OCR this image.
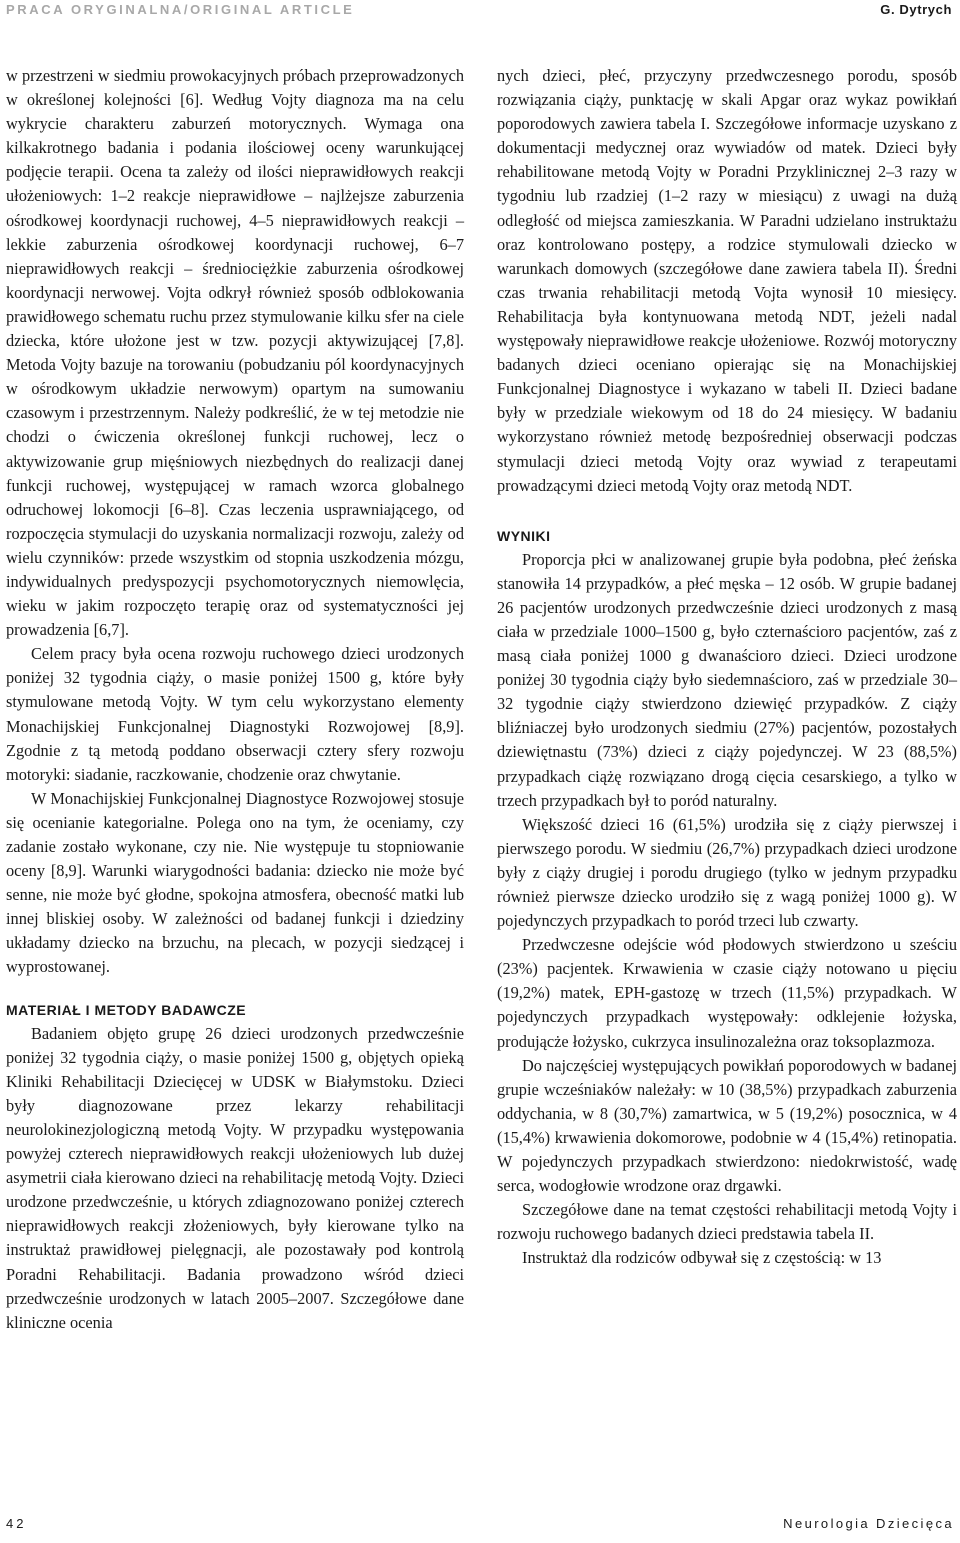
PRACA ORYGINALNA/ORIGINAL ARTICLE	G. Dytrych

w przestrzeni w siedmiu prowokacyjnych próbach przeprowadzonych w określonej kolejności [6]. Według Vojty diagnoza ma na celu wykrycie charakteru zaburzeń motorycznych. Wymaga ona kilkakrotnego badania i podania ilościowej oceny warunkującej podjęcie terapii. Ocena ta zależy od ilości nieprawidłowych reakcji ułożeniowych: 1–2 reakcje nieprawidłowe – najlżejsze zaburzenia ośrodkowej koordynacji ruchowej, 4–5 nieprawidłowych reakcji – lekkie zaburzenia ośrodkowej koordynacji ruchowej, 6–7 nieprawidłowych reakcji – średniociężkie zaburzenia ośrodkowej koordynacji nerwowej. Vojta odkrył również sposób odblokowania prawidłowego schematu ruchu przez stymulowanie kilku sfer na ciele dziecka, które ułożone jest w tzw. pozycji aktywizującej [7,8]. Metoda Vojty bazuje na torowaniu (pobudzaniu pól koordynacyjnych w ośrodkowym układzie nerwowym) opartym na sumowaniu czasowym i przestrzennym. Należy podkreślić, że w tej metodzie nie chodzi o ćwiczenia określonej funkcji ruchowej, lecz o aktywizowanie grup mięśniowych niezbędnych do realizacji danej funkcji ruchowej, występującej w ramach wzorca globalnego odruchowej lokomocji [6–8]. Czas leczenia usprawniającego, od rozpoczęcia stymulacji do uzyskania normalizacji rozwoju, zależy od wielu czynników: przede wszystkim od stopnia uszkodzenia mózgu, indywidualnych predyspozycji psychomotorycznych niemowlęcia, wieku w jakim rozpoczęto terapię oraz od systematyczności jej prowadzenia [6,7].

Celem pracy była ocena rozwoju ruchowego dzieci urodzonych poniżej 32 tygodnia ciąży, o masie poniżej 1500 g, które były stymulowane metodą Vojty. W tym celu wykorzystano elementy Monachijskiej Funkcjonalnej Diagnostyki Rozwojowej [8,9]. Zgodnie z tą metodą poddano obserwacji cztery sfery rozwoju motoryki: siadanie, raczkowanie, chodzenie oraz chwytanie.

W Monachijskiej Funkcjonalnej Diagnostyce Rozwojowej stosuje się ocenianie kategorialne. Polega ono na tym, że oceniamy, czy zadanie zostało wykonane, czy nie. Nie występuje tu stopniowanie oceny [8,9]. Warunki wiarygodności badania: dziecko nie może być senne, nie może być głodne, spokojna atmosfera, obecność matki lub innej bliskiej osoby. W zależności od badanej funkcji i dziedziny układamy dziecko na brzuchu, na plecach, w pozycji siedzącej i wyprostowanej.

MATERIAŁ I METODY BADAWCZE

Badaniem objęto grupę 26 dzieci urodzonych przedwcześnie poniżej 32 tygodnia ciąży, o masie poniżej 1500 g, objętych opieką Kliniki Rehabilitacji Dziecięcej w UDSK w Białymstoku. Dzieci były diagnozowane przez lekarzy rehabilitacji neurolokinezjologiczną metodą Vojty. W przypadku występowania powyżej czterech nieprawidłowych reakcji ułożeniowych lub dużej asymetrii ciała kierowano dzieci na rehabilitację metodą Vojty. Dzieci urodzone przedwcześnie, u których zdiagnozowano poniżej czterech nieprawidłowych reakcji złożeniowych, były kierowane tylko na instruktaż prawidłowej pielęgnacji, ale pozostawały pod kontrolą Poradni Rehabilitacji. Badania prowadzono wśród dzieci przedwcześnie urodzonych w latach 2005–2007. Szczegółowe dane kliniczne ocenia

nych dzieci, płeć, przyczyny przedwczesnego porodu, sposób rozwiązania ciąży, punktację w skali Apgar oraz wykaz powikłań poporodowych zawiera tabela I. Szczegółowe informacje uzyskano z dokumentacji medycznej oraz wywiadów od matek. Dzieci były rehabilitowane metodą Vojty w Poradni Przyklinicznej 2–3 razy w tygodniu lub rzadziej (1–2 razy w miesiącu) z uwagi na dużą odległość od miejsca zamieszkania. W Paradni udzielano instruktażu oraz kontrolowano postępy, a rodzice stymulowali dziecko w warunkach domowych (szczegółowe dane zawiera tabela II). Średni czas trwania rehabilitacji metodą Vojta wynosił 10 miesięcy. Rehabilitacja była kontynuowana metodą NDT, jeżeli nadal występowały nieprawidłowe reakcje ułożeniowe. Rozwój motoryczny badanych dzieci oceniano opierając się na Monachijskiej Funkcjonalnej Diagnostyce i wykazano w tabeli II. Dzieci badane były w przedziale wiekowym od 18 do 24 miesięcy. W badaniu wykorzystano również metodę bezpośredniej obserwacji podczas stymulacji dzieci metodą Vojty oraz wywiad z terapeutami prowadzącymi dzieci metodą Vojty oraz metodą NDT.

WYNIKI

Proporcja płci w analizowanej grupie była podobna, płeć żeńska stanowiła 14 przypadków, a płeć męska – 12 osób. W grupie badanej 26 pacjentów urodzonych przedwcześnie dzieci urodzonych z masą ciała w przedziale 1000–1500 g, było czternaścioro pacjentów, zaś z masą ciała poniżej 1000 g dwanaścioro dzieci. Dzieci urodzone poniżej 30 tygodnia ciąży było siedemnaścioro, zaś w przedziale 30–32 tygodnie ciąży stwierdzono dziewięć przypadków. Z ciąży bliźniaczej było urodzonych siedmiu (27%) pacjentów, pozostałych dziewiętnastu (73%) dzieci z ciąży pojedynczej. W 23 (88,5%) przypadkach ciążę rozwiązano drogą cięcia cesarskiego, a tylko w trzech przypadkach był to poród naturalny.

Większość dzieci 16 (61,5%) urodziła się z ciąży pierwszej i pierwszego porodu. W siedmiu (26,7%) przypadkach dzieci urodzone były z ciąży drugiej i porodu drugiego (tylko w jednym przypadku również pierwsze dziecko urodziło się z wagą poniżej 1000 g). W pojedynczych przypadkach to poród trzeci lub czwarty.

Przedwczesne odejście wód płodowych stwierdzono u sześciu (23%) pacjentek. Krwawienia w czasie ciąży notowano u pięciu (19,2%) matek, EPH-gastozę w trzech (11,5%) przypadkach. W pojedynczych przypadkach występowały: odklejenie łożyska, prodującże łożysko, cukrzyca insulinozależna oraz toksoplazmoza.

Do najczęściej występujących powikłań poporodowych w badanej grupie wcześniaków należały: w 10 (38,5%) przypadkach zaburzenia oddychania, w 8 (30,7%) zamartwica, w 5 (19,2%) posocznica, w 4 (15,4%) krwawienia dokomorowe, podobnie w 4 (15,4%) retinopatia. W pojedynczych przypadkach stwierdzono: niedokrwistość, wadę serca, wodogłowie wrodzone oraz drgawki.

Szczegółowe dane na temat częstości rehabilitacji metodą Vojty i rozwoju ruchowego badanych dzieci predstawia tabela II.

Instruktaż dla rodziców odbywał się z częstością: w 13

42	Neurologia Dziecięca
